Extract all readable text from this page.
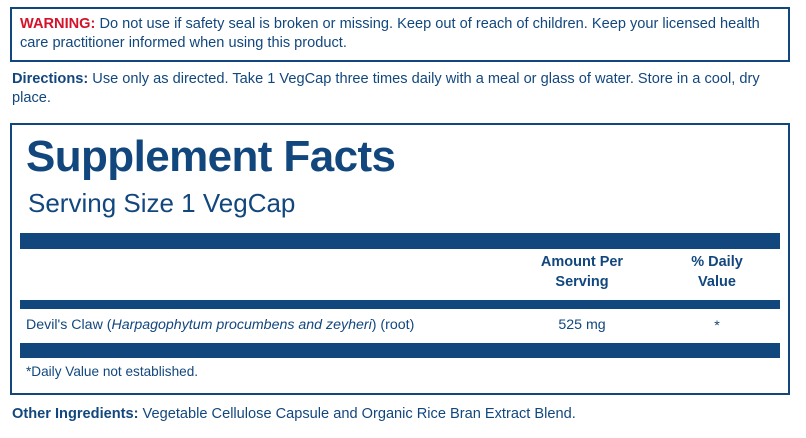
WARNING: Do not use if safety seal is broken or missing. Keep out of reach of children. Keep your licensed health care practitioner informed when using this product.
Directions: Use only as directed. Take 1 VegCap three times daily with a meal or glass of water. Store in a cool, dry place.
Supplement Facts
Serving Size 1 VegCap
Amount Per
Serving
% Daily
Value
Devil's Claw (Harpagophytum procumbens and zeyheri) (root)	525 mg	*
*Daily Value not established.
Other Ingredients: Vegetable Cellulose Capsule and Organic Rice Bran Extract Blend.
